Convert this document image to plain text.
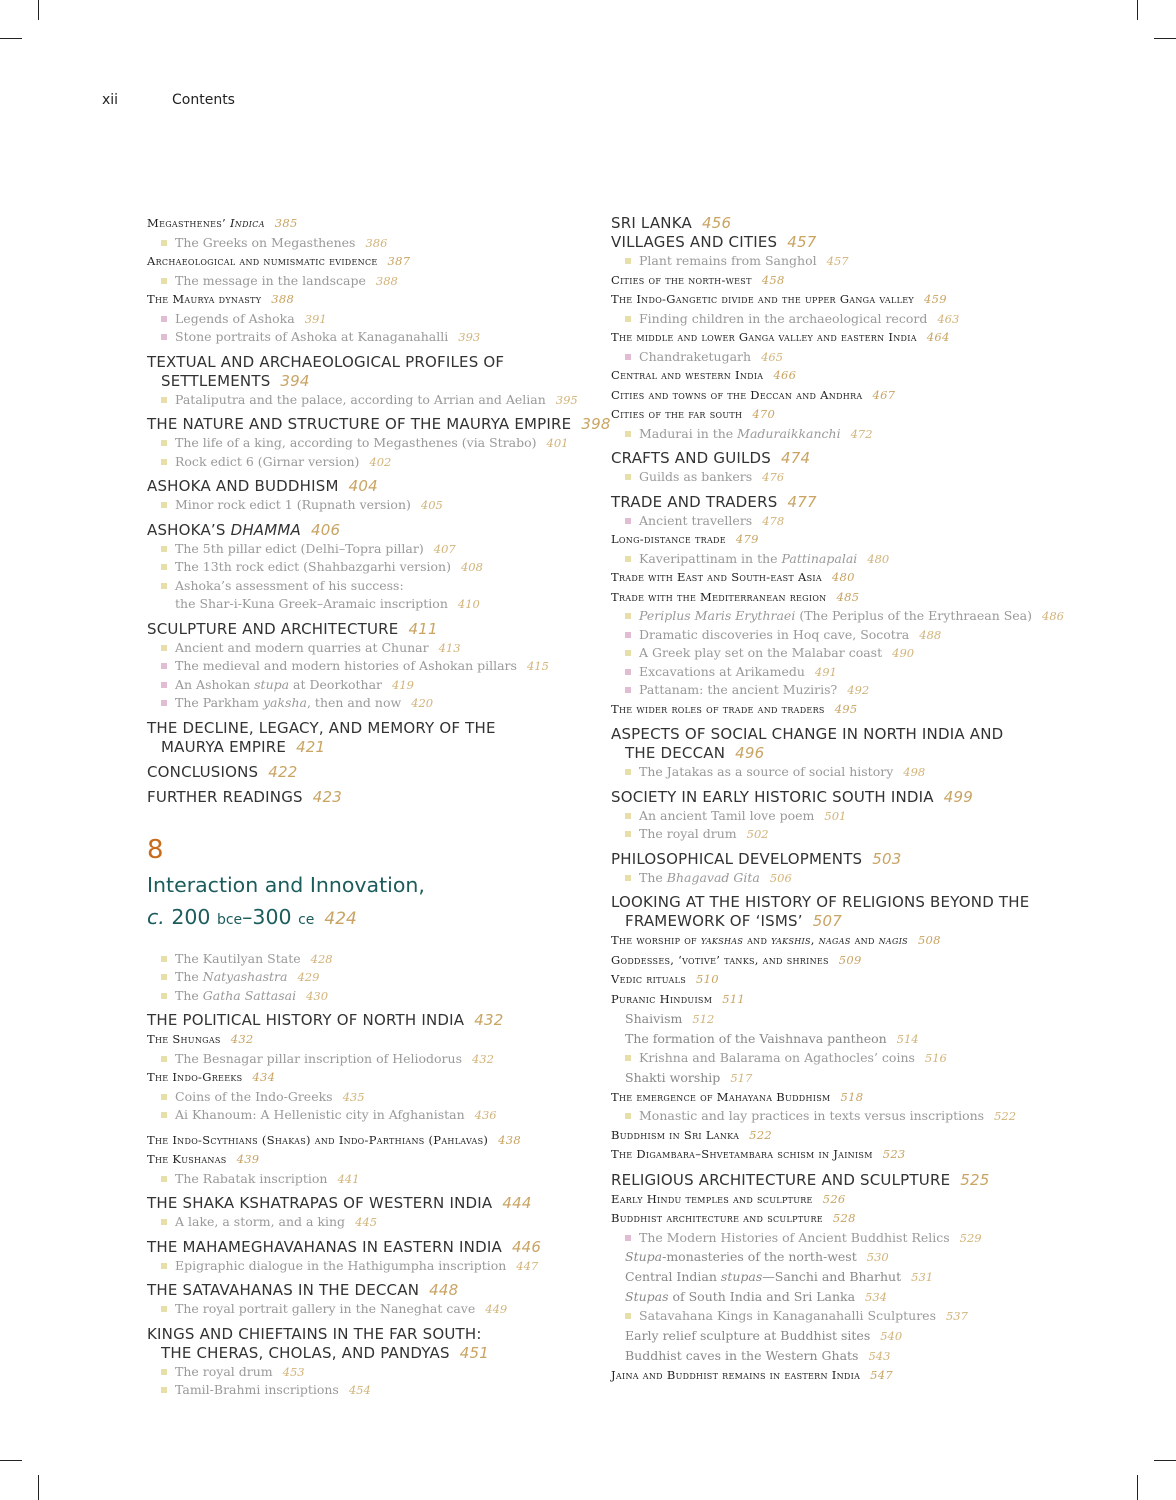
xii	Contents
Megasthenes’ Indica 385
The Greeks on Megasthenes 386
Archaeological and numismatic evidence 387
The message in the landscape 388
The Maurya dynasty 388
Legends of Ashoka 391
Stone portraits of Ashoka at Kanaganahalli 393
TEXTUAL AND ARCHAEOLOGICAL PROFILES OF
SETTLEMENTS 394
Pataliputra and the palace, according to Arrian and Aelian 395
THE NATURE AND STRUCTURE OF THE MAURYA EMPIRE 398
The life of a king, according to Megasthenes (via Strabo) 401
Rock edict 6 (Girnar version) 402
ASHOKA AND BUDDHISM 404
Minor rock edict 1 (Rupnath version) 405
ASHOKA’S DHAMMA 406
The 5th pillar edict (Delhi–Topra pillar) 407
The 13th rock edict (Shahbazgarhi version) 408
Ashoka’s assessment of his success:
the Shar-i-Kuna Greek–Aramaic inscription 410
SCULPTURE AND ARCHITECTURE 411
Ancient and modern quarries at Chunar 413
The medieval and modern histories of Ashokan pillars 415
An Ashokan stupa at Deorkothar 419
The Parkham yaksha, then and now 420
THE DECLINE, LEGACY, AND MEMORY OF THE
MAURYA EMPIRE 421
CONCLUSIONS 422
FURTHER READINGS 423
8
Interaction and Innovation,
c. 200 bce–300 ce 424
The Kautilyan State 428
The Natyashastra 429
The Gatha Sattasai 430
THE POLITICAL HISTORY OF NORTH INDIA 432
The Shungas 432
The Besnagar pillar inscription of Heliodorus 432
The Indo-Greeks 434
Coins of the Indo-Greeks 435
Ai Khanoum: A Hellenistic city in Afghanistan 436
The Indo-Scythians (Shakas) and Indo-Parthians (Pahlavas) 438
The Kushanas 439
The Rabatak inscription 441
THE SHAKA KSHATRAPAS OF WESTERN INDIA 444
A lake, a storm, and a king 445
THE MAHAMEGHAVAHANAS IN EASTERN INDIA 446
Epigraphic dialogue in the Hathigumpha inscription 447
THE SATAVAHANAS IN THE DECCAN 448
The royal portrait gallery in the Naneghat cave 449
KINGS AND CHIEFTAINS IN THE FAR SOUTH:
THE CHERAS, CHOLAS, AND PANDYAS 451
The royal drum 453
Tamil-Brahmi inscriptions 454
SRI LANKA 456
VILLAGES AND CITIES 457
Plant remains from Sanghol 457
Cities of the north-west 458
The Indo-Gangetic divide and the upper Ganga valley 459
Finding children in the archaeological record 463
The middle and lower Ganga valley and eastern India 464
Chandraketugarh 465
Central and western India 466
Cities and towns of the Deccan and Andhra 467
Cities of the far south 470
Madurai in the Maduraikkanchi 472
CRAFTS AND GUILDS 474
Guilds as bankers 476
TRADE AND TRADERS 477
Ancient travellers 478
Long-distance trade 479
Kaveripattinam in the Pattinapalai 480
Trade with East and South-east Asia 480
Trade with the Mediterranean region 485
Periplus Maris Erythraei (The Periplus of the Erythraean Sea) 486
Dramatic discoveries in Hoq cave, Socotra 488
A Greek play set on the Malabar coast 490
Excavations at Arikamedu 491
Pattanam: the ancient Muziris? 492
The wider roles of trade and traders 495
ASPECTS OF SOCIAL CHANGE IN NORTH INDIA AND
THE DECCAN 496
The Jatakas as a source of social history 498
SOCIETY IN EARLY HISTORIC SOUTH INDIA 499
An ancient Tamil love poem 501
The royal drum 502
PHILOSOPHICAL DEVELOPMENTS 503
The Bhagavad Gita 506
LOOKING AT THE HISTORY OF RELIGIONS BEYOND THE
FRAMEWORK OF ‘ISMS’ 507
The worship of yakshas and yakshis, nagas and nagis 508
Goddesses, ‘votive’ tanks, and shrines 509
Vedic rituals 510
Puranic Hinduism 511
Shaivism 512
The formation of the Vaishnava pantheon 514
Krishna and Balarama on Agathocles’ coins 516
Shakti worship 517
The emergence of Mahayana Buddhism 518
Monastic and lay practices in texts versus inscriptions 522
Buddhism in Sri Lanka 522
The Digambara–Shvetambara schism in Jainism 523
RELIGIOUS ARCHITECTURE AND SCULPTURE 525
Early Hindu temples and sculpture 526
Buddhist architecture and sculpture 528
The Modern Histories of Ancient Buddhist Relics 529
Stupa-monasteries of the north-west 530
Central Indian stupas—Sanchi and Bharhut 531
Stupas of South India and Sri Lanka 534
Satavahana Kings in Kanaganahalli Sculptures 537
Early relief sculpture at Buddhist sites 540
Buddhist caves in the Western Ghats 543
Jaina and Buddhist remains in eastern India 547
